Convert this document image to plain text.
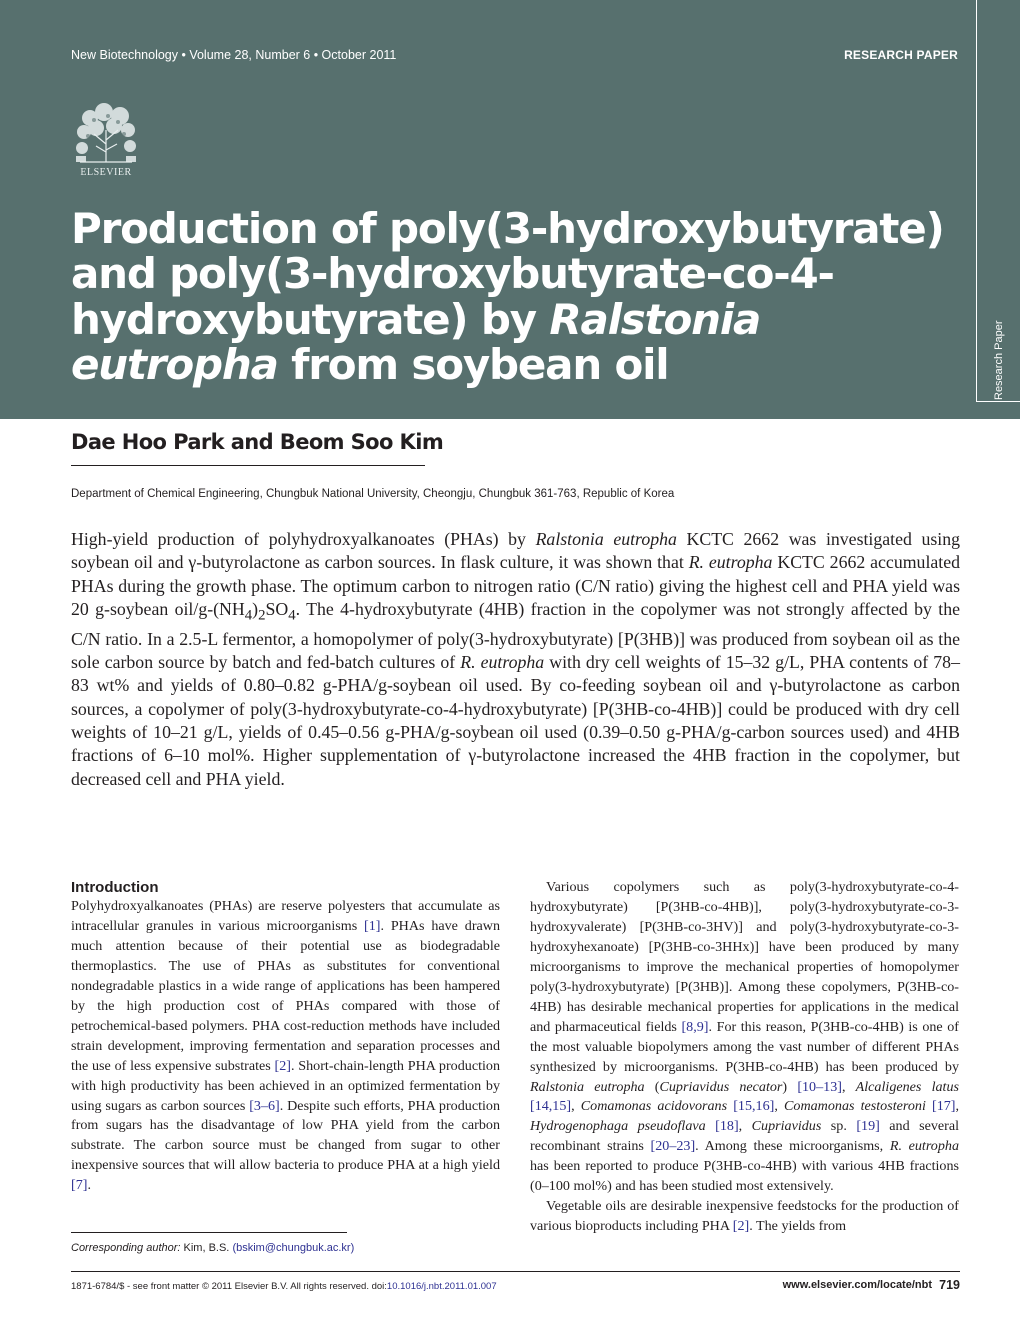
New Biotechnology • Volume 28, Number 6 • October 2011	RESEARCH PAPER
ELSEVIER
Production of poly(3-hydroxybutyrate) and poly(3-hydroxybutyrate-co-4-hydroxybutyrate) by Ralstonia eutropha from soybean oil	Research Paper
Dae Hoo Park and Beom Soo Kim
Department of Chemical Engineering, Chungbuk National University, Cheongju, Chungbuk 361-763, Republic of Korea

High-yield production of polyhydroxyalkanoates (PHAs) by Ralstonia eutropha KCTC 2662 was investigated using soybean oil and γ-butyrolactone as carbon sources. In flask culture, it was shown that R. eutropha KCTC 2662 accumulated PHAs during the growth phase. The optimum carbon to nitrogen ratio (C/N ratio) giving the highest cell and PHA yield was 20 g-soybean oil/$g-(NH_4)_2SO_4$. The 4-hydroxybutyrate (4HB) fraction in the copolymer was not strongly affected by the C/N ratio. In a 2.5-L fermentor, a homopolymer of poly(3-hydroxybutyrate) [P(3HB)] was produced from soybean oil as the sole carbon source by batch and fed-batch cultures of R. eutropha with dry cell weights of 15–32 g/L, PHA contents of 78–83 wt% and yields of 0.80–0.82 g-PHA/g-soybean oil used. By co-feeding soybean oil and γ-butyrolactone as carbon sources, a copolymer of poly(3-hydroxybutyrate-co-4-hydroxybutyrate) [P(3HB-co-4HB)] could be produced with dry cell weights of 10–21 g/L, yields of 0.45–0.56 g-PHA/g-soybean oil used (0.39–0.50 g-PHA/g-carbon sources used) and 4HB fractions of 6–10 mol%. Higher supplementation of γ-butyrolactone increased the 4HB fraction in the copolymer, but decreased cell and PHA yield.

Introduction

Polyhydroxyalkanoates (PHAs) are reserve polyesters that accumulate as intracellular granules in various microorganisms [1]. PHAs have drawn much attention because of their potential use as biodegradable thermoplastics. The use of PHAs as substitutes for conventional nondegradable plastics in a wide range of applications has been hampered by the high production cost of PHAs compared with those of petrochemical-based polymers. PHA cost-reduction methods have included strain development, improving fermentation and separation processes and the use of less expensive substrates [2]. Short-chain-length PHA production with high productivity has been achieved in an optimized fermentation by using sugars as carbon sources [3–6]. Despite such efforts, PHA production from sugars has the disadvantage of low PHA yield from the carbon substrate. The carbon source must be changed from sugar to other inexpensive sources that will allow bacteria to produce PHA at a high yield [7].

Various copolymers such as poly(3-hydroxybutyrate-co-4-hydroxybutyrate) [P(3HB-co-4HB)], poly(3-hydroxybutyrate-co-3-hydroxyvalerate) [P(3HB-co-3HV)] and poly(3-hydroxybutyrate-co-3-hydroxyhexanoate) [P(3HB-co-3HHx)] have been produced by many microorganisms to improve the mechanical properties of homopolymer poly(3-hydroxybutyrate) [P(3HB)]. Among these copolymers, P(3HB-co-4HB) has desirable mechanical properties for applications in the medical and pharmaceutical fields [8,9]. For this reason, P(3HB-co-4HB) is one of the most valuable biopolymers among the vast number of different PHAs synthesized by microorganisms. P(3HB-co-4HB) has been produced by Ralstonia eutropha (Cupriavidus necator) [10–13], Alcaligenes latus [14,15], Comamonas acidovorans [15,16], Comamonas testosteroni [17], Hydrogenophaga pseudoflava [18], Cupriavidus sp. [19] and several recombinant strains [20–23]. Among these microorganisms, R. eutropha has been reported to produce P(3HB-co-4HB) with various 4HB fractions (0–100 mol%) and has been studied most extensively.

Vegetable oils are desirable inexpensive feedstocks for the production of various bioproducts including PHA [2]. The yields from

Corresponding author: Kim, B.S. (bskim@chungbuk.ac.kr)
1871-6784/$ - see front matter © 2011 Elsevier B.V. All rights reserved. doi:10.1016/j.nbt.2011.01.007	www.elsevier.com/locate/nbt 719
